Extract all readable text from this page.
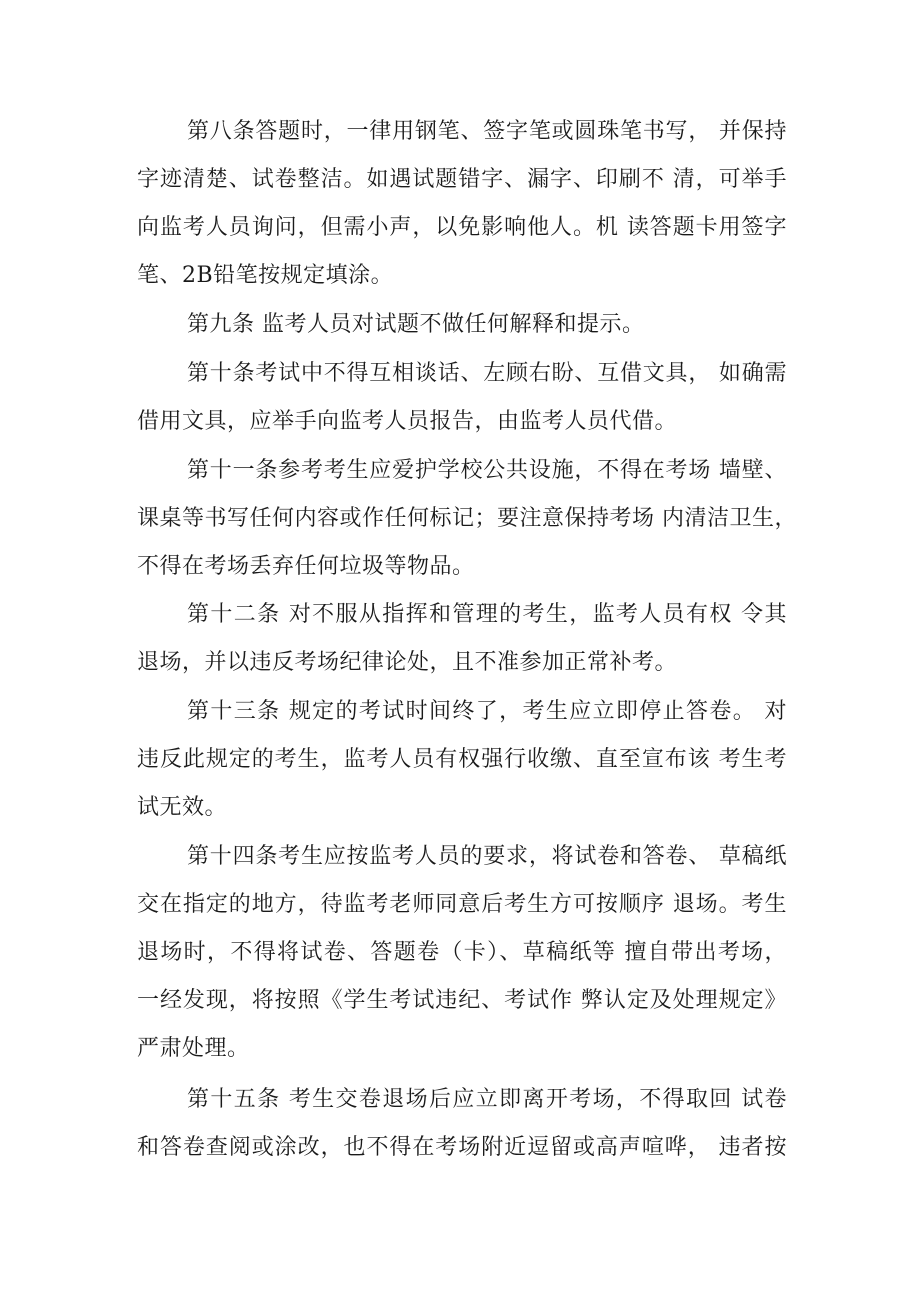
第八条答题时，一律用钢笔、签字笔或圆珠笔书写， 并保持
字迹清楚、试卷整洁。如遇试题错字、漏字、印刷不 清，可举手
向监考人员询问，但需小声，以免影响他人。机 读答题卡用签字
笔、2B铅笔按规定填涂。
第九条 监考人员对试题不做任何解释和提示。
第十条考试中不得互相谈话、左顾右盼、互借文具， 如确需
借用文具，应举手向监考人员报告，由监考人员代借。
第十一条参考考生应爱护学校公共设施，不得在考场 墙壁、
课桌等书写任何内容或作任何标记；要注意保持考场 内清洁卫生，
不得在考场丢弃任何垃圾等物品。
第十二条 对不服从指挥和管理的考生，监考人员有权 令其
退场，并以违反考场纪律论处，且不准参加正常补考。
第十三条 规定的考试时间终了，考生应立即停止答卷。 对
违反此规定的考生，监考人员有权强行收缴、直至宣布该 考生考
试无效。
第十四条考生应按监考人员的要求，将试卷和答卷、 草稿纸
交在指定的地方，待监考老师同意后考生方可按顺序 退场。考生
退场时，不得将试卷、答题卷（卡）、草稿纸等 擅自带出考场，
一经发现，将按照《学生考试违纪、考试作 弊认定及处理规定》
严肃处理。
第十五条 考生交卷退场后应立即离开考场，不得取回 试卷
和答卷查阅或涂改，也不得在考场附近逗留或高声喧哗， 违者按
